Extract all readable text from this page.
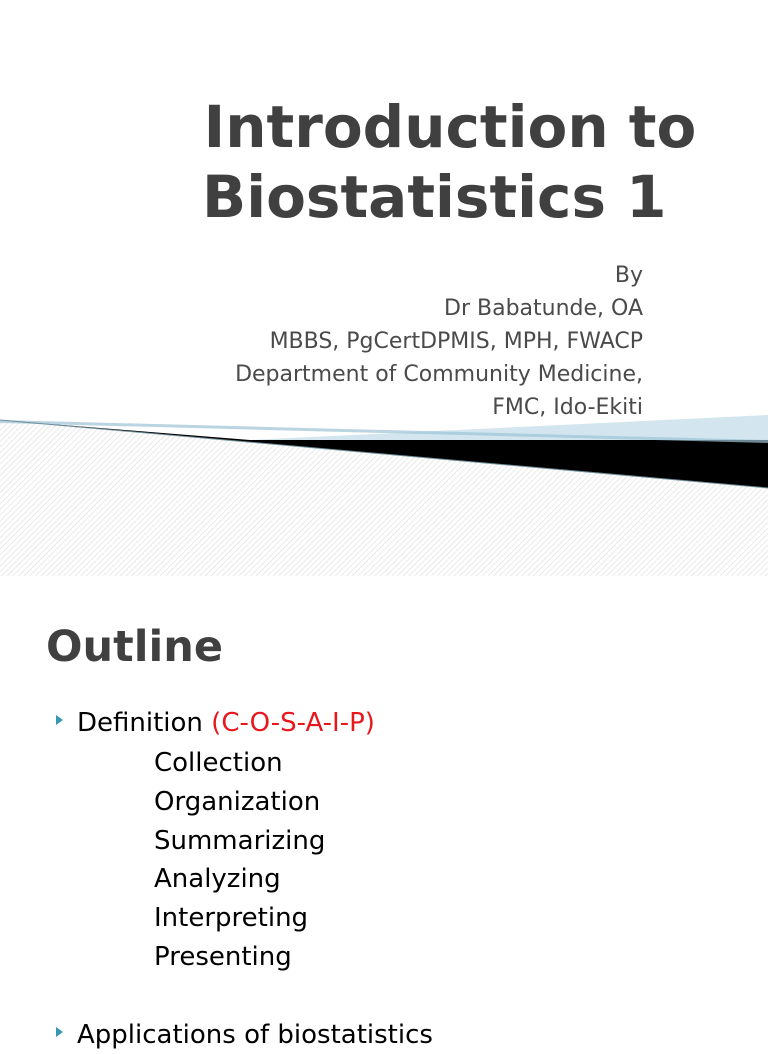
Introduction to

Biostatistics 1
By
Dr Babatunde, OA
MBBS, PgCertDPMIS, MPH, FWACP
Department of Community Medicine,
FMC, Ido-Ekiti
Outline
Definition (C-O-S-A-I-P)
Collection
Organization
Summarizing
Analyzing
Interpreting
Presenting
Applications of biostatistics
